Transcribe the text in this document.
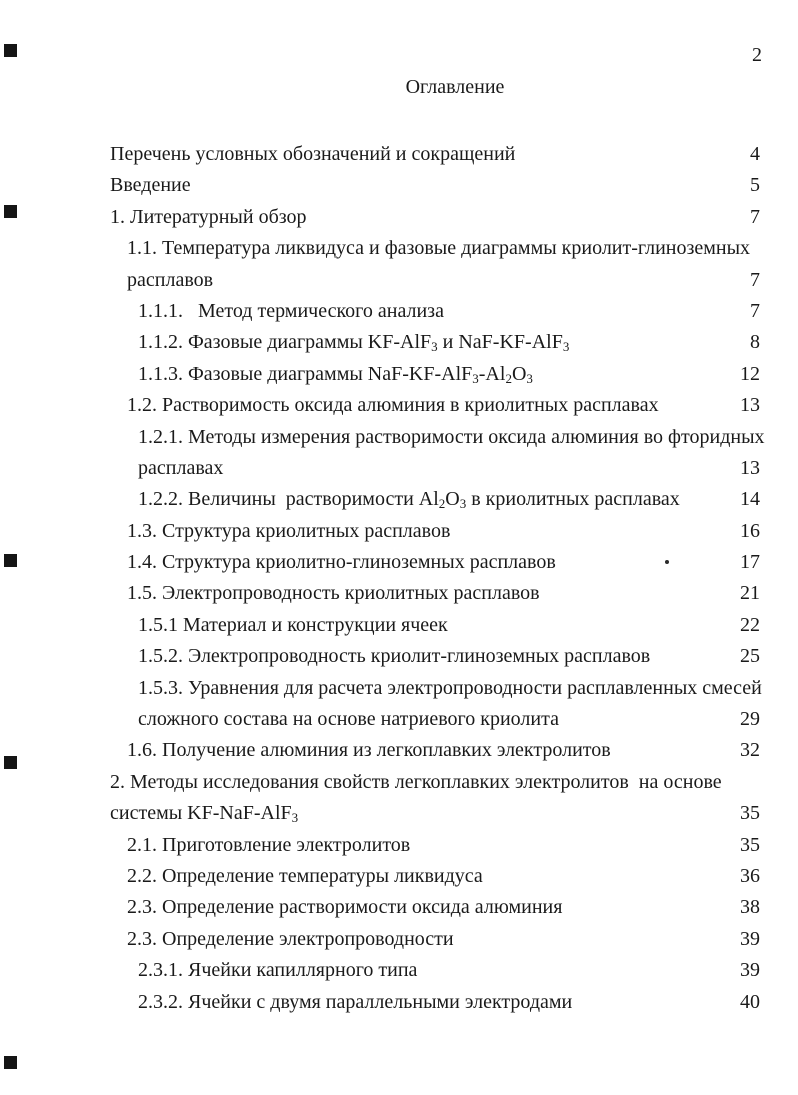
2
Оглавление
Перечень условных обозначений и сокращений	4
Введение	5
1. Литературный обзор	7
1.1. Температура ликвидуса и фазовые диаграммы криолит-глиноземных
расплавов	7
1.1.1.   Метод термического анализа	7
1.1.2. Фазовые диаграммы KF-AlF$_3$ и NaF-KF-AlF$_3$	8
1.1.3. Фазовые диаграммы NaF-$KF-AlF_3-Al_2O_3$	12
1.2. Растворимость оксида алюминия в криолитных расплавах	13
1.2.1. Методы измерения растворимости оксида алюминия во фторидных
расплавах	13
1.2.2. Величины  растворимости $Al_2O_3$ в криолитных расплавах	14
1.3. Структура криолитных расплавов	16
1.4. Структура криолитно-глиноземных расплавов	17
1.5. Электропроводность криолитных расплавов	21
1.5.1 Материал и конструкции ячеек	22
1.5.2. Электропроводность криолит-глиноземных расплавов	25
1.5.3. Уравнения для расчета электропроводности расплавленных смесей
сложного состава на основе натриевого криолита	29
1.6. Получение алюминия из легкоплавких электролитов	32
2. Методы исследования свойств легкоплавких электролитов  на основе
системы KF-NaF-AlF$_3$	35
2.1. Приготовление электролитов	35
2.2. Определение температуры ликвидуса	36
2.3. Определение растворимости оксида алюминия	38
2.3. Определение электропроводности	39
2.3.1. Ячейки капиллярного типа	39
2.3.2. Ячейки с двумя параллельными электродами	40
